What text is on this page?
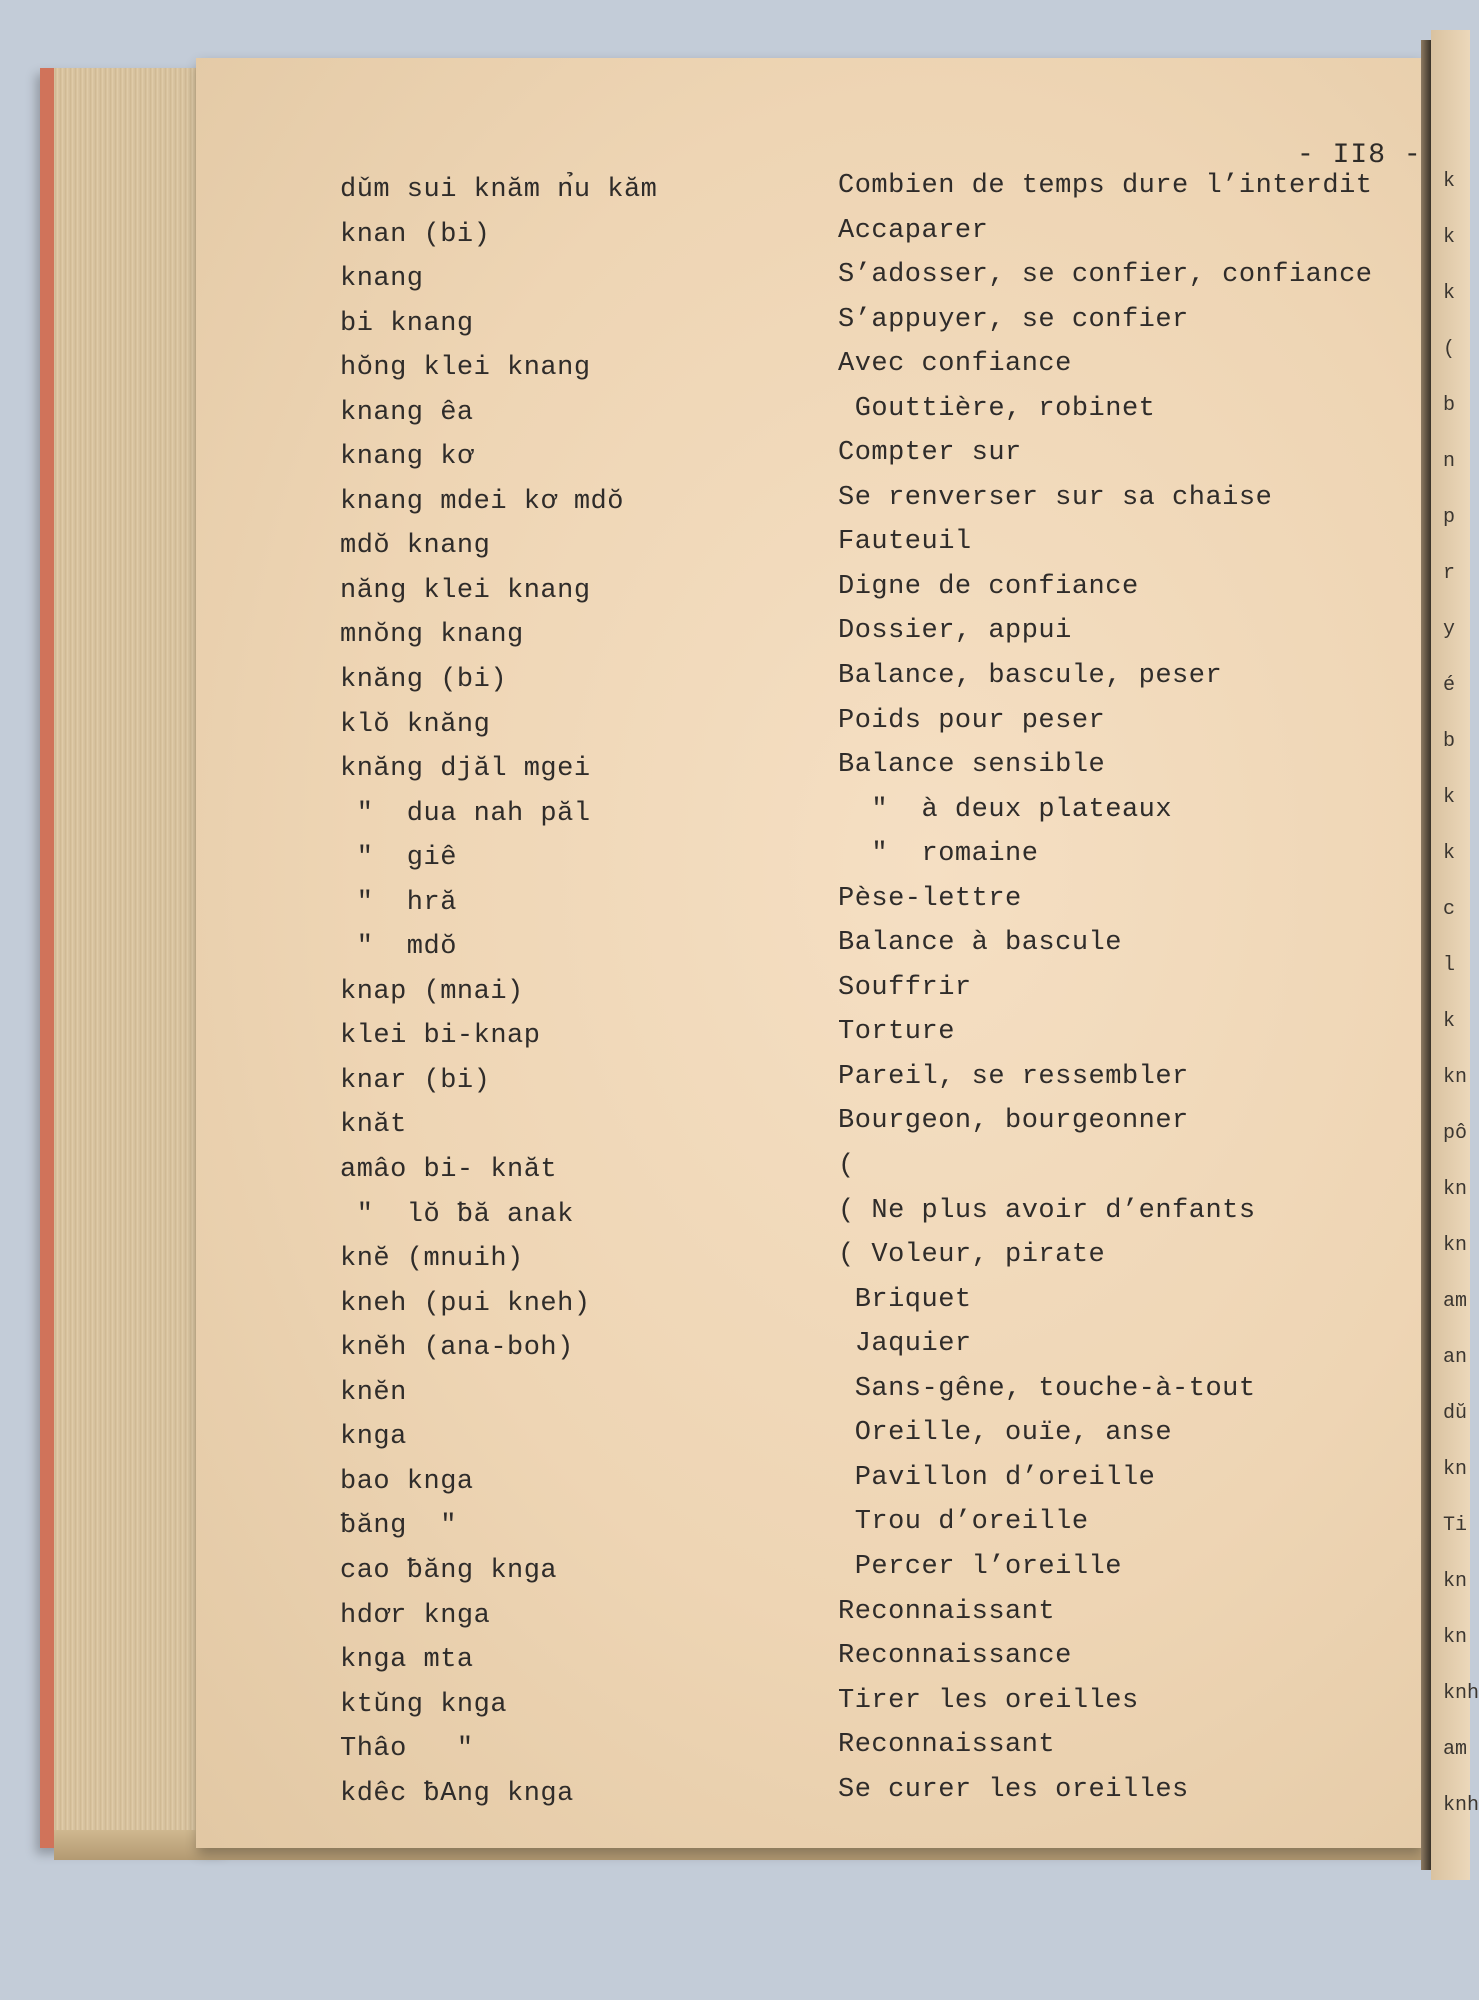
k
k
k
(
b
n
p
r
y
é
b
k
k
c
l
k
kn
pô
kn
kn
am
an
dŭ
kn
Ti
kn
kn
knh
am
knh
- II8 -
dǔm sui knăm n̉u kăm
knan (bi)
knang
bi knang
hŏng klei knang
knang êa
knang kơ
knang mdei kơ mdŏ
mdŏ knang
năng klei knang
mnŏng knang
knăng (bi)
klŏ knăng
knăng djăl mgei
"  dua nah păl
"  giê
"  hră
"  mdŏ
knap (mnai)
klei bi-knap
knar (bi)
knăt
amâo bi- knăt
"  lŏ ƀă anak
knĕ (mnuih)
kneh (pui kneh)
knĕh (ana-boh)
knĕn
knga
bao knga
ƀăng  "
cao ƀăng knga
hdơr knga
knga mta
ktŭng knga
Thâo   "
kdêc ƀAng knga
Combien de temps dure l’interdit
Accaparer
S’adosser, se confier, confiance
S’appuyer, se confier
Avec confiance
Gouttière, robinet
Compter sur
Se renverser sur sa chaise
Fauteuil
Digne de confiance
Dossier, appui
Balance, bascule, peser
Poids pour peser
Balance sensible
"  à deux plateaux
"  romaine
Pèse-lettre
Balance à bascule
Souffrir
Torture
Pareil, se ressembler
Bourgeon, bourgeonner
(
( Ne plus avoir d’enfants
( Voleur, pirate
Briquet
Jaquier
Sans-gêne, touche-à-tout
Oreille, ouïe, anse
Pavillon d’oreille
Trou d’oreille
Percer l’oreille
Reconnaissant
Reconnaissance
Tirer les oreilles
Reconnaissant
Se curer les oreilles
